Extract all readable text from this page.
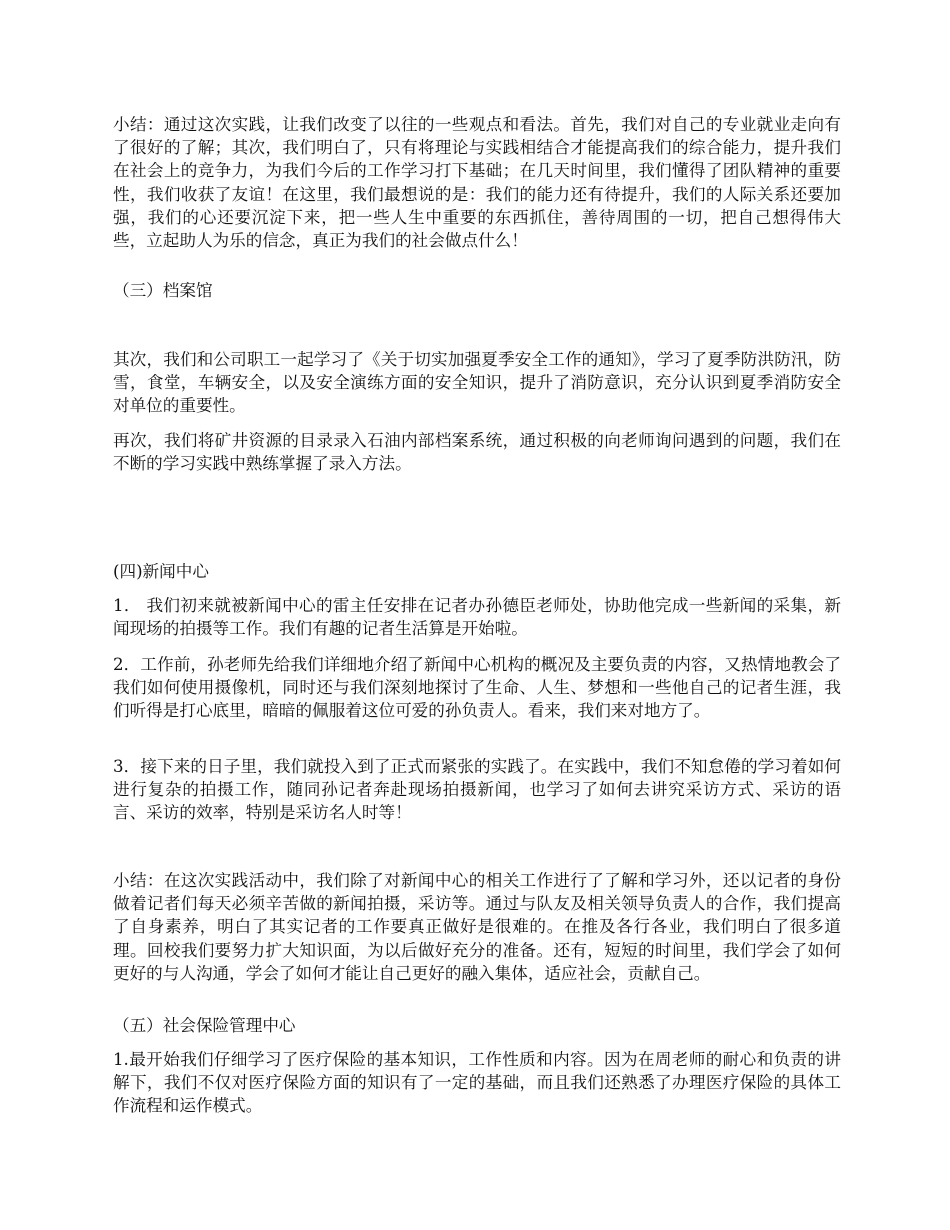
小结：通过这次实践，让我们改变了以往的一些观点和看法。首先，我们对自己的专业就业走向有了很好的了解；其次，我们明白了，只有将理论与实践相结合才能提高我们的综合能力，提升我们在社会上的竞争力，为我们今后的工作学习打下基础；在几天时间里，我们懂得了团队精神的重要性，我们收获了友谊！在这里，我们最想说的是：我们的能力还有待提升，我们的人际关系还要加强，我们的心还要沉淀下来，把一些人生中重要的东西抓住，善待周围的一切，把自己想得伟大些，立起助人为乐的信念，真正为我们的社会做点什么！

（三）档案馆

其次，我们和公司职工一起学习了《关于切实加强夏季安全工作的通知》，学习了夏季防洪防汛，防雪，食堂，车辆安全，以及安全演练方面的安全知识，提升了消防意识，充分认识到夏季消防安全对单位的重要性。

再次，我们将矿井资源的目录录入石油内部档案系统，通过积极的向老师询问遇到的问题，我们在不断的学习实践中熟练掌握了录入方法。

(四)新闻中心

1． 我们初来就被新闻中心的雷主任安排在记者办孙德臣老师处，协助他完成一些新闻的采集，新闻现场的拍摄等工作。我们有趣的记者生活算是开始啦。

2．工作前，孙老师先给我们详细地介绍了新闻中心机构的概况及主要负责的内容，又热情地教会了我们如何使用摄像机，同时还与我们深刻地探讨了生命、人生、梦想和一些他自己的记者生涯，我们听得是打心底里，暗暗的佩服着这位可爱的孙负责人。看来，我们来对地方了。

3．接下来的日子里，我们就投入到了正式而紧张的实践了。在实践中，我们不知怠倦的学习着如何进行复杂的拍摄工作，随同孙记者奔赴现场拍摄新闻，也学习了如何去讲究采访方式、采访的语言、采访的效率，特别是采访名人时等！

小结：在这次实践活动中，我们除了对新闻中心的相关工作进行了了解和学习外，还以记者的身份做着记者们每天必须辛苦做的新闻拍摄，采访等。通过与队友及相关领导负责人的合作，我们提高了自身素养，明白了其实记者的工作要真正做好是很难的。在推及各行各业，我们明白了很多道理。回校我们要努力扩大知识面，为以后做好充分的准备。还有，短短的时间里，我们学会了如何更好的与人沟通，学会了如何才能让自己更好的融入集体，适应社会，贡献自己。

（五）社会保险管理中心

1.最开始我们仔细学习了医疗保险的基本知识，工作性质和内容。因为在周老师的耐心和负责的讲解下，我们不仅对医疗保险方面的知识有了一定的基础，而且我们还熟悉了办理医疗保险的具体工作流程和运作模式。
